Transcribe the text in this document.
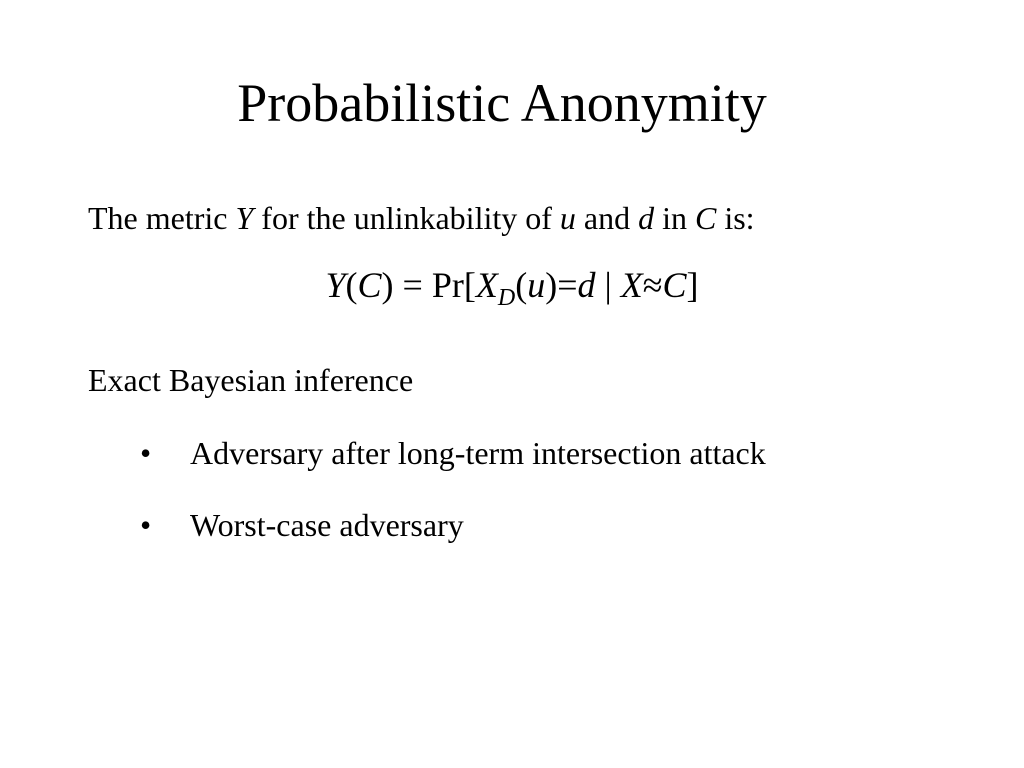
Probabilistic Anonymity
The metric Y for the unlinkability of u and d in C is:
$Y(C) = Pr[X_D(u)=d$ | X≈C]
Exact Bayesian inference
• Adversary after long-term intersection attack
• Worst-case adversary
